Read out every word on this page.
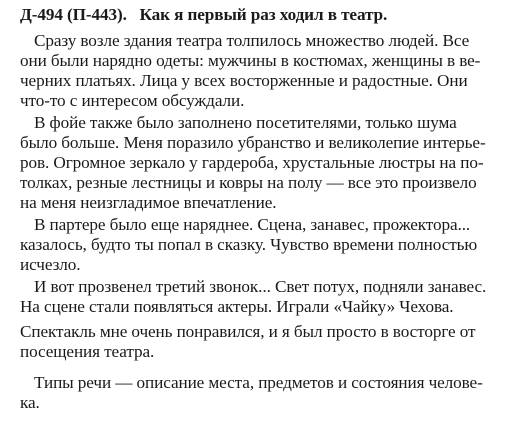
Д-494 (П-443). Как я первый раз ходил в театр.
Сразу возле здания театра толпилось множество людей. Все
они были нарядно одеты: мужчины в костюмах, женщины в ве-
черних платьях. Лица у всех восторженные и радостные. Они
что-то с интересом обсуждали.
В фойе также было заполнено посетителями, только шума
было больше. Меня поразило убранство и великолепие интерье-
ров. Огромное зеркало у гардероба, хрустальные люстры на по-
толках, резные лестницы и ковры на полу — все это произвело
на меня неизгладимое впечатление.
В партере было еще наряднее. Сцена, занавес, прожектора...
казалось, будто ты попал в сказку. Чувство времени полностью
исчезло.
И вот прозвенел третий звонок... Свет потух, подняли занавес.
На сцене стали появляться актеры. Играли «Чайку» Чехова.
Спектакль мне очень понравился, и я был просто в восторге от
посещения театра.
Типы речи — описание места, предметов и состояния челове-
ка.
